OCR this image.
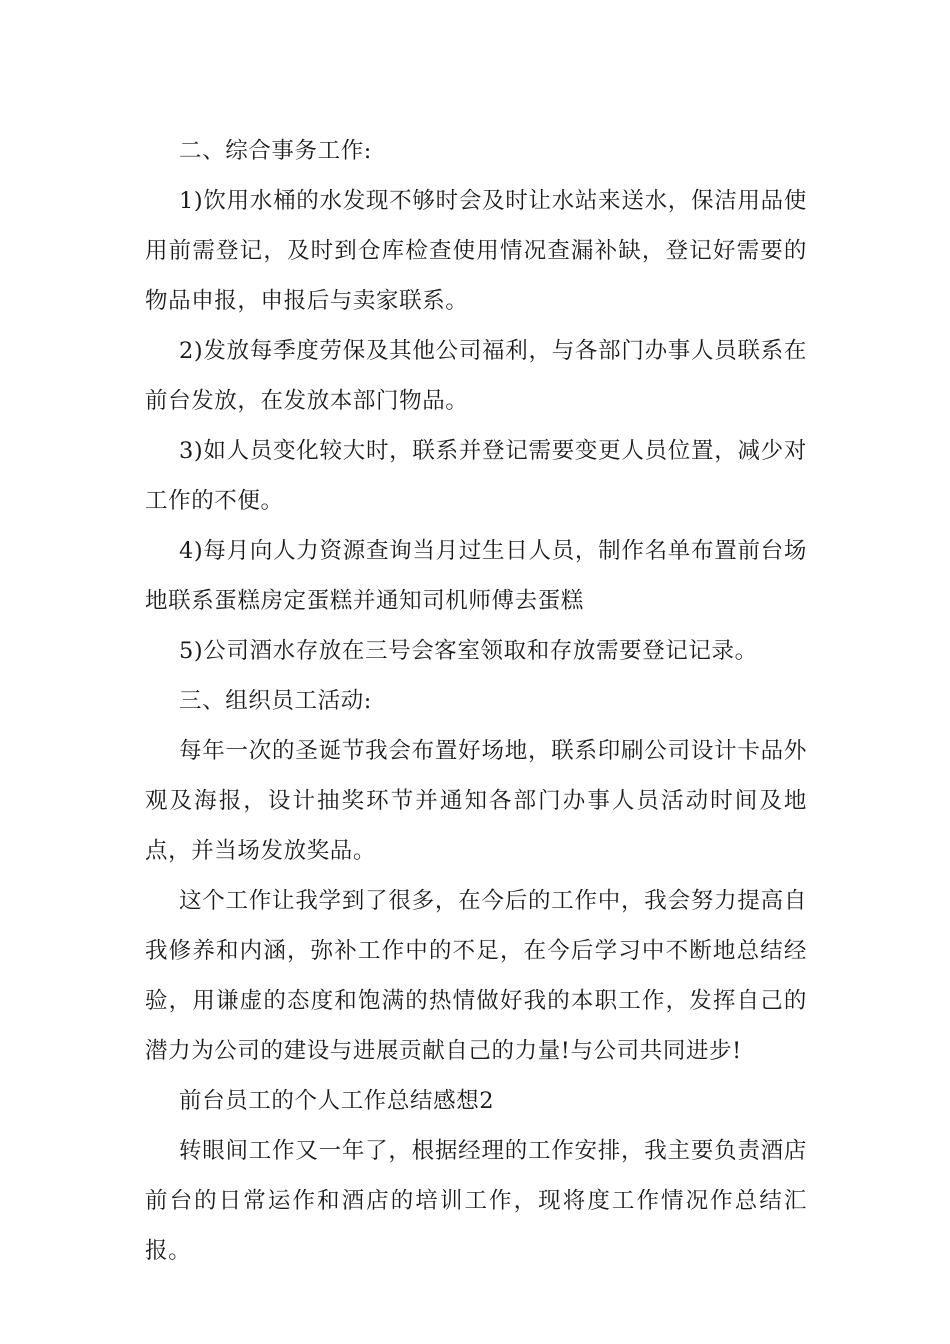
二、综合事务工作:

1)饮用水桶的水发现不够时会及时让水站来送水，保洁用品使用前需登记，及时到仓库检查使用情况查漏补缺，登记好需要的物品申报，申报后与卖家联系。

2)发放每季度劳保及其他公司福利，与各部门办事人员联系在前台发放，在发放本部门物品。

3)如人员变化较大时，联系并登记需要变更人员位置，减少对工作的不便。

4)每月向人力资源查询当月过生日人员，制作名单布置前台场地联系蛋糕房定蛋糕并通知司机师傅去蛋糕

5)公司酒水存放在三号会客室领取和存放需要登记记录。

三、组织员工活动:

每年一次的圣诞节我会布置好场地，联系印刷公司设计卡品外观及海报，设计抽奖环节并通知各部门办事人员活动时间及地点，并当场发放奖品。

这个工作让我学到了很多，在今后的工作中，我会努力提高自我修养和内涵，弥补工作中的不足，在今后学习中不断地总结经验，用谦虚的态度和饱满的热情做好我的本职工作，发挥自己的潜力为公司的建设与进展贡献自己的力量!与公司共同进步!

前台员工的个人工作总结感想2

转眼间工作又一年了，根据经理的工作安排，我主要负责酒店前台的日常运作和酒店的培训工作，现将度工作情况作总结汇报。
